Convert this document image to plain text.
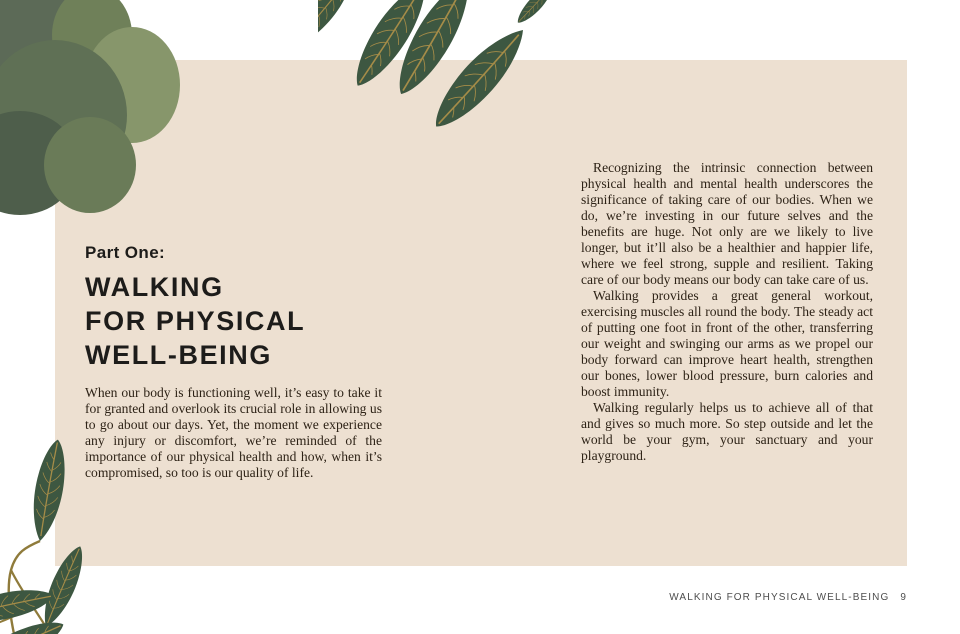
Part One:
WALKING
FOR PHYSICAL
WELL-BEING

When our body is functioning well, it’s easy to take it for granted and overlook its crucial role in allowing us to go about our days. Yet, the moment we experience any injury or discomfort, we’re reminded of the importance of our physical health and how, when it’s compromised, so too is our quality of life.

Recognizing the intrinsic connection between physical health and mental health underscores the significance of taking care of our bodies. When we do, we’re investing in our future selves and the benefits are huge. Not only are we likely to live longer, but it’ll also be a healthier and happier life, where we feel strong, supple and resilient. Taking care of our body means our body can take care of us.

Walking provides a great general workout, exercising muscles all round the body. The steady act of putting one foot in front of the other, transferring our weight and swinging our arms as we propel our body forward can improve heart health, strengthen our bones, lower blood pressure, burn calories and boost immunity.

Walking regularly helps us to achieve all of that and gives so much more. So step outside and let the world be your gym, your sanctuary and your playground.

WALKING FOR PHYSICAL WELL-BEING 9
